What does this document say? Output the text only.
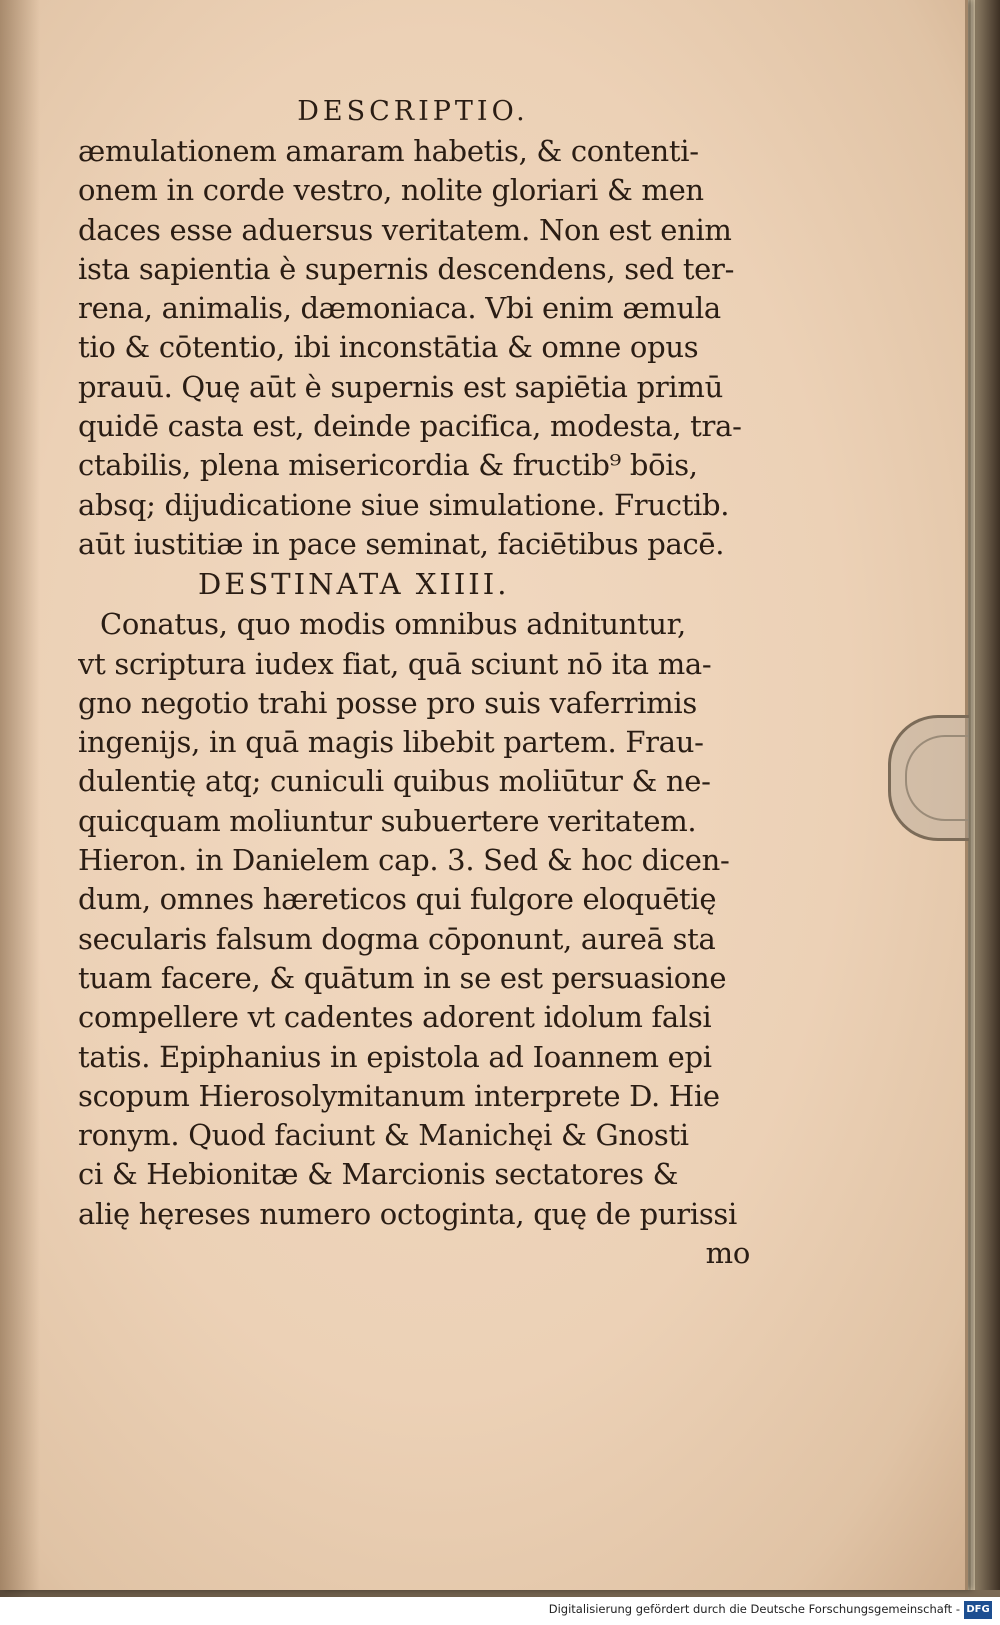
DESCRIPTIO.
æmulationem amaram habetis, & contenti-
onem in corde vestro, nolite gloriari & men
daces esse aduersus veritatem. Non est enim
ista sapientia è supernis descendens, sed ter-
rena, animalis, dæmoniaca. Vbi enim æmula
tio & cōtentio, ibi inconstātia & omne opus
prauū. Quę aūt è supernis est sapiētia primū
quidē casta est, deinde pacifica, modesta, tra-
ctabilis, plena misericordia & fructib⁹ bōis,
absq; dijudicatione siue simulatione. Fructib.
aūt iustitiæ in pace seminat, faciētibus pacē.
DESTINATA XIIII.
Conatus, quo modis omnibus adnituntur,
vt scriptura iudex fiat, quā sciunt nō ita ma-
gno negotio trahi posse pro suis vaferrimis
ingenijs, in quā magis libebit partem. Frau-
dulentię atq; cuniculi quibus moliūtur & ne-
quicquam moliuntur subuertere veritatem.
Hieron. in Danielem cap. 3. Sed & hoc dicen-
dum, omnes hæreticos qui fulgore eloquētię
secularis falsum dogma cōponunt, aureā sta
tuam facere, & quātum in se est persuasione
compellere vt cadentes adorent idolum falsi
tatis. Epiphanius in epistola ad Ioannem epi
scopum Hierosolymitanum interprete D. Hie
ronym. Quod faciunt & Manichęi & Gnosti
ci & Hebionitæ & Marcionis sectatores &
alię hęreses numero octoginta, quę de purissi
mo
Digitalisierung gefördert durch die Deutsche Forschungsgemeinschaft - DFG
